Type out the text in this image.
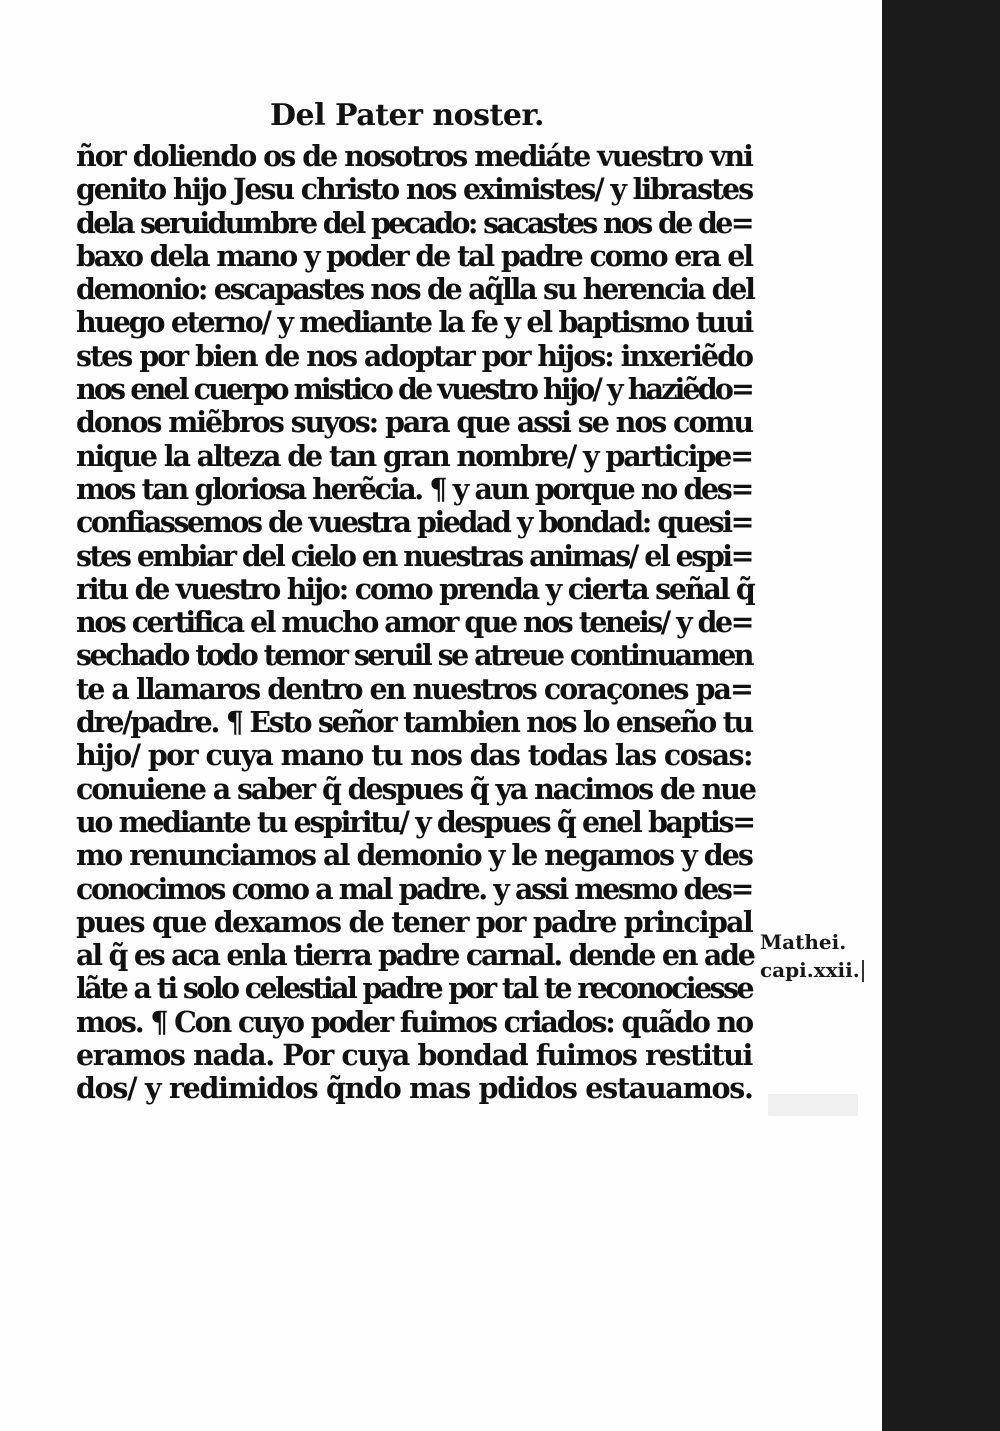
Del Pater noster.
ñor doliendo os de nosotros mediáte vuestro vni
genito hijo Jesu christo nos eximistes/ y librastes
dela seruidumbre del pecado: sacastes nos de de=
baxo dela mano y poder de tal padre como era el
demonio: escapastes nos de aq̃lla su herencia del
huego eterno/ y mediante la fe y el baptismo tuui
stes por bien de nos adoptar por hijos: inxeriẽdo
nos enel cuerpo mistico de vuestro hijo/ y haziẽdo=
donos miẽbros suyos: para que assi se nos comu
nique la alteza de tan gran nombre/ y participe=
mos tan gloriosa herẽcia. ¶ y aun porque no des=
confiassemos de vuestra piedad y bondad: quesi=
stes embiar del cielo en nuestras animas/ el espi=
ritu de vuestro hijo: como prenda y cierta señal q̃
nos certifica el mucho amor que nos teneis/ y de=
sechado todo temor seruil se atreue continuamen
te a llamaros dentro en nuestros coraçones pa=
dre/padre. ¶ Esto señor tambien nos lo enseño tu
hijo/ por cuya mano tu nos das todas las cosas:
conuiene a saber q̃ despues q̃ ya nacimos de nue
uo mediante tu espiritu/ y despues q̃ enel baptis=
mo renunciamos al demonio y le negamos y des
conocimos como a mal padre. y assi mesmo des=
pues que dexamos de tener por padre principal
al q̃ es aca enla tierra padre carnal. dende en ade
lãte a ti solo celestial padre por tal te reconociesse
mos. ¶ Con cuyo poder fuimos criados: quãdo no
eramos nada. Por cuya bondad fuimos restitui
dos/ y redimidos q̃ndo mas pdidos estauamos.
Mathei.
capi.xxii.
